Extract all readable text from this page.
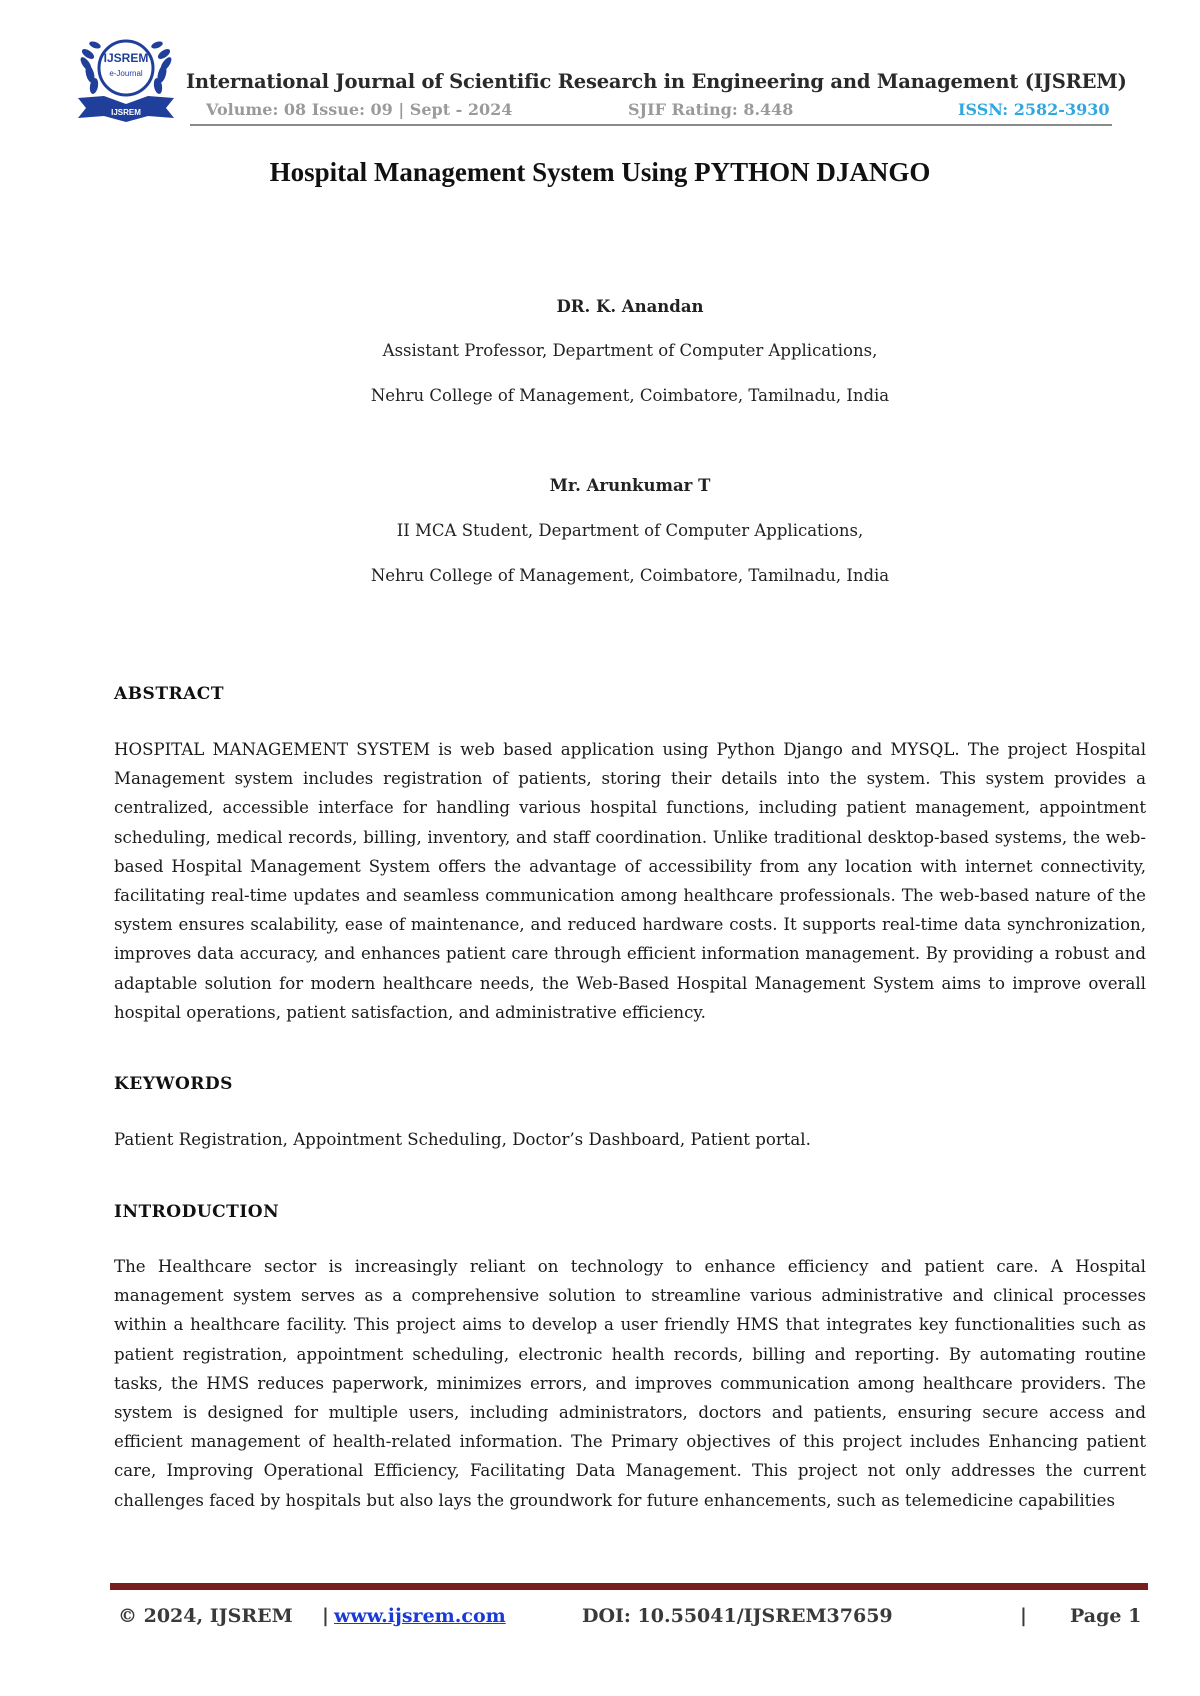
IJSREM
e-Journal
IJSREM
International Journal of Scientific Research in Engineering and Management (IJSREM)
Volume: 08 Issue: 09 | Sept - 2024	SJIF Rating: 8.448	ISSN: 2582-3930
Hospital Management System Using PYTHON DJANGO
DR. K. Anandan
Assistant Professor, Department of Computer Applications,
Nehru College of Management, Coimbatore, Tamilnadu, India
Mr. Arunkumar T
II MCA Student, Department of Computer Applications,
Nehru College of Management, Coimbatore, Tamilnadu, India
ABSTRACT

HOSPITAL MANAGEMENT SYSTEM is web based application using Python Django and MYSQL. The project Hospital Management system includes registration of patients, storing their details into the system. This system provides a centralized, accessible interface for handling various hospital functions, including patient management, appointment scheduling, medical records, billing, inventory, and staff coordination. Unlike traditional desktop-based systems, the web-based Hospital Management System offers the advantage of accessibility from any location with internet connectivity, facilitating real-time updates and seamless communication among healthcare professionals. The web-based nature of the system ensures scalability, ease of maintenance, and reduced hardware costs. It supports real-time data synchronization, improves data accuracy, and enhances patient care through efficient information management. By providing a robust and adaptable solution for modern healthcare needs, the Web-Based Hospital Management System aims to improve overall hospital operations, patient satisfaction, and administrative efficiency.

KEYWORDS

Patient Registration, Appointment Scheduling, Doctor’s Dashboard, Patient portal.

INTRODUCTION

The Healthcare sector is increasingly reliant on technology to enhance efficiency and patient care. A Hospital management system serves as a comprehensive solution to streamline various administrative and clinical processes within a healthcare facility. This project aims to develop a user friendly HMS that integrates key functionalities such as patient registration, appointment scheduling, electronic health records, billing and reporting. By automating routine tasks, the HMS reduces paperwork, minimizes errors, and improves communication among healthcare providers. The system is designed for multiple users, including administrators, doctors and patients, ensuring secure access and efficient management of health-related information. The Primary objectives of this project includes Enhancing patient care, Improving Operational Efficiency, Facilitating Data Management. This project not only addresses the current challenges faced by hospitals but also lays the groundwork for future enhancements, such as telemedicine capabilities

© 2024, IJSREM | www.ijsrem.com	DOI: 10.55041/IJSREM37659	| Page 1
